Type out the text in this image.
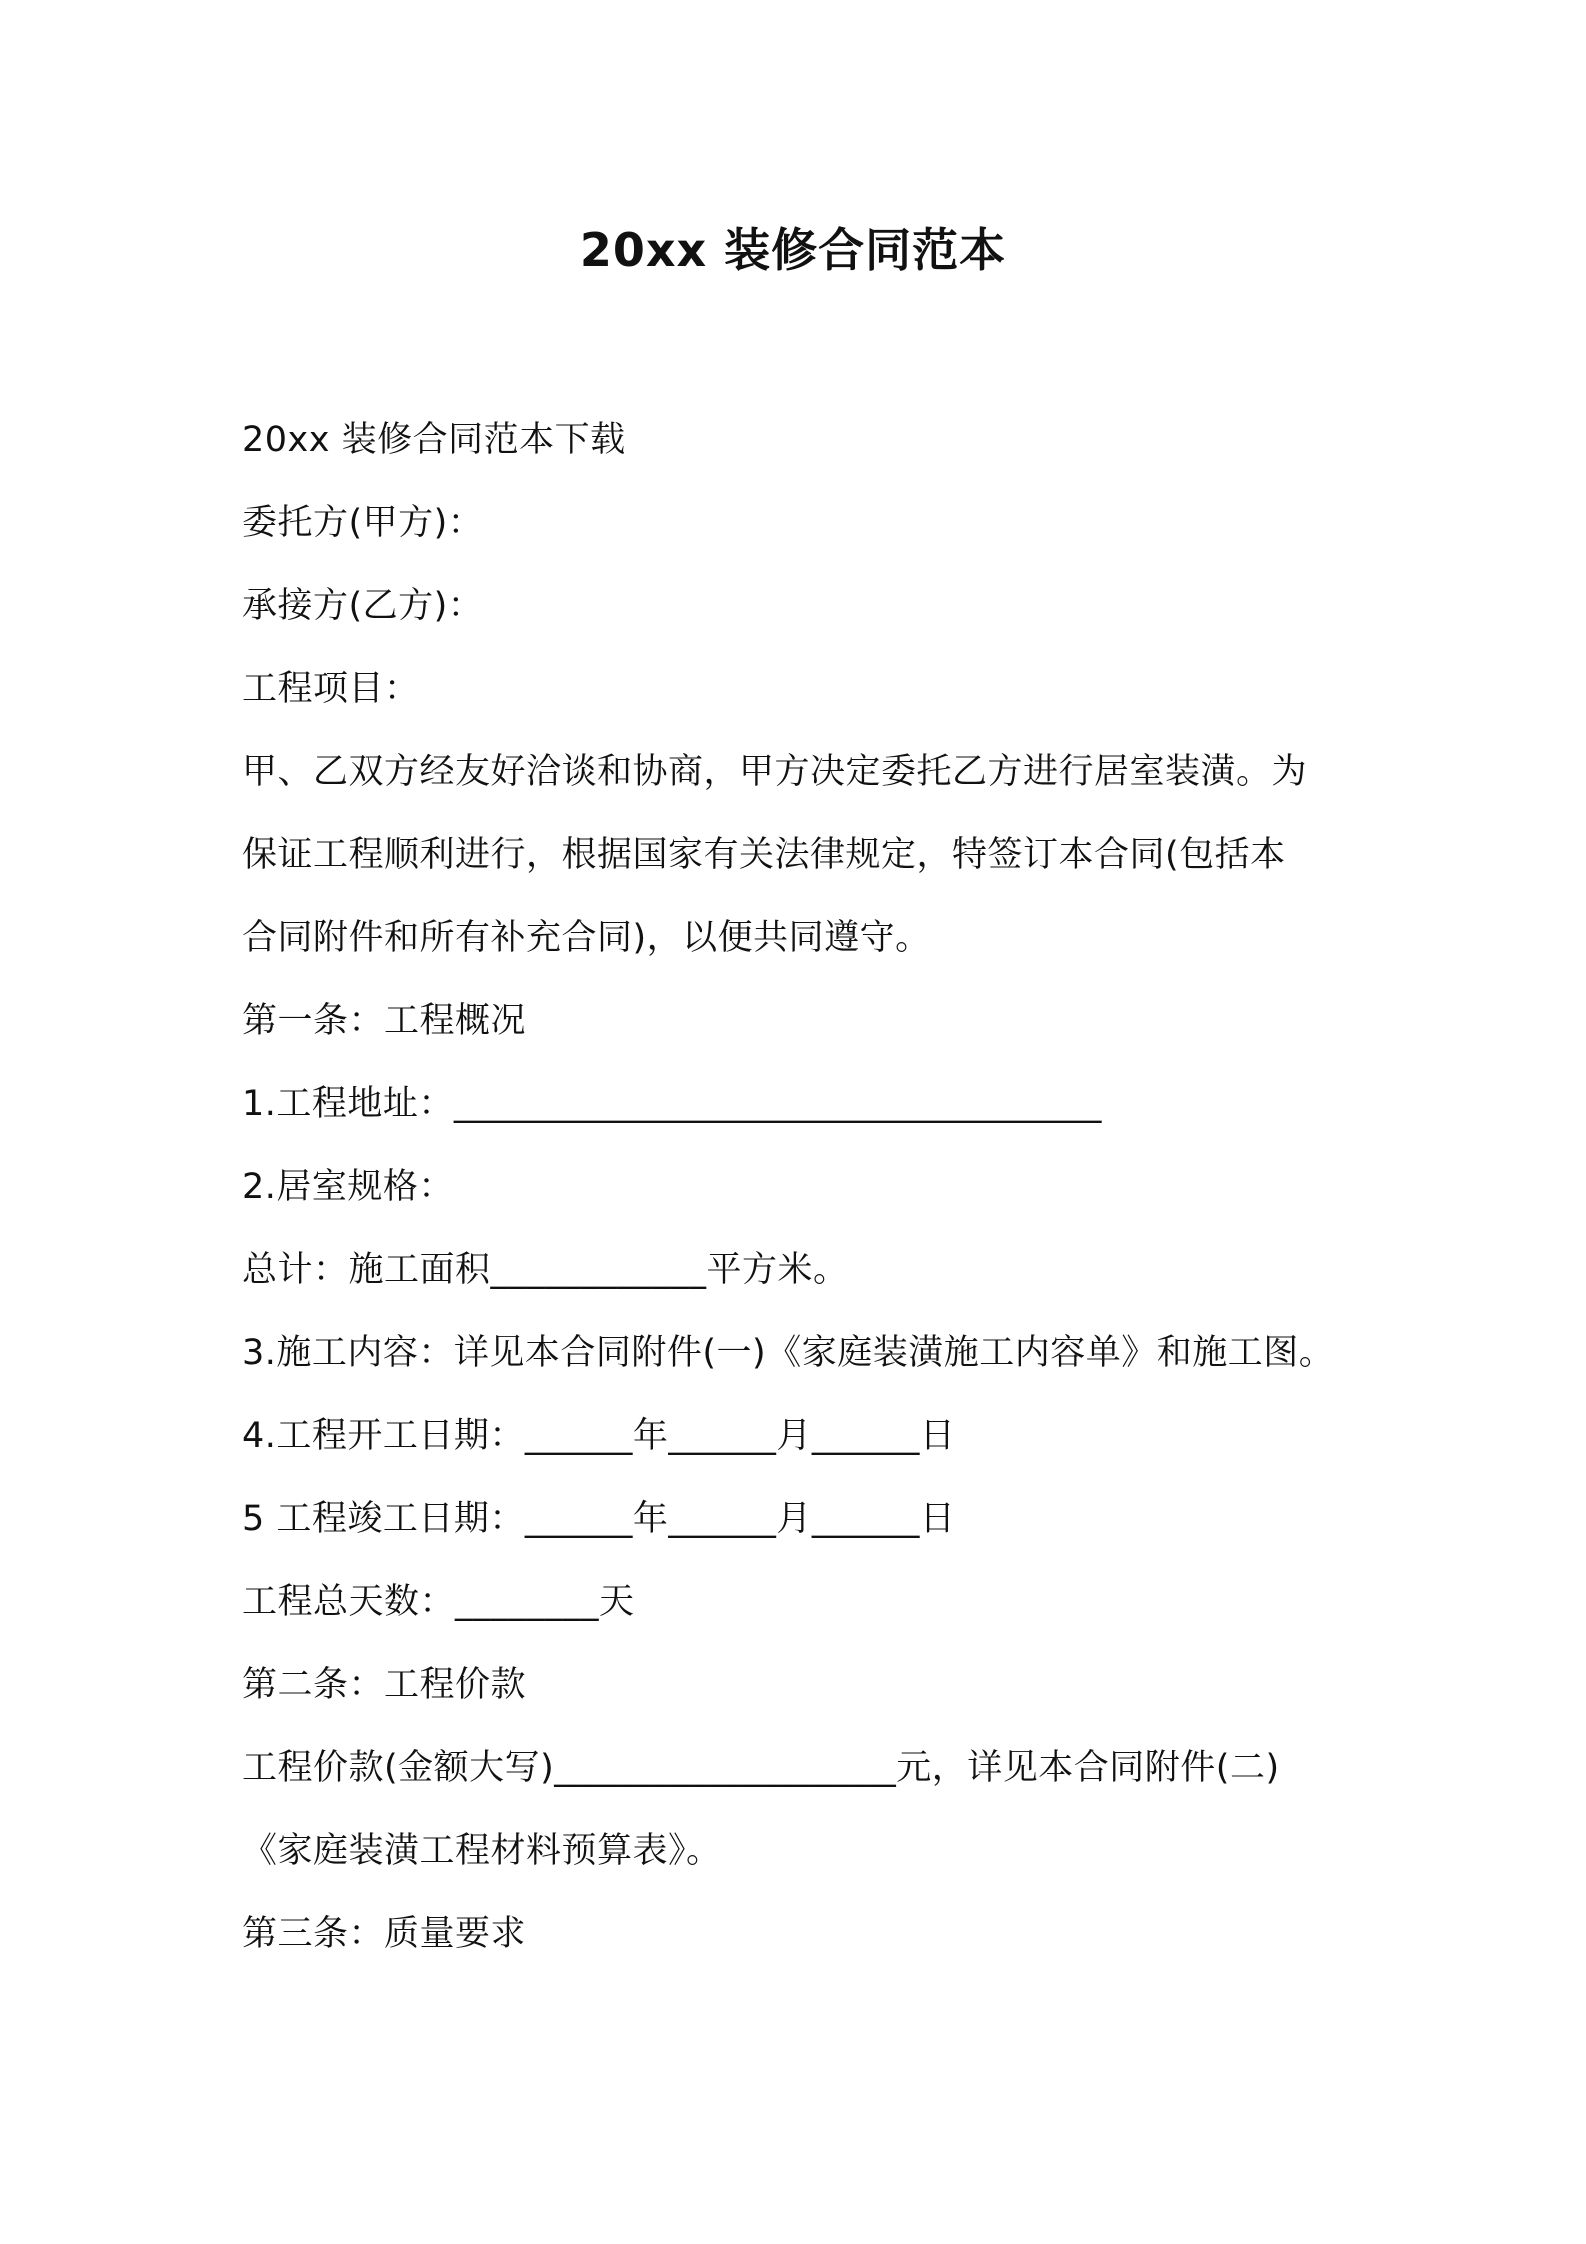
20xx 装修合同范本
20xx 装修合同范本下载
委托方(甲方)：
承接方(乙方)：
工程项目：
甲、乙双方经友好洽谈和协商，甲方决定委托乙方进行居室装潢。为
保证工程顺利进行，根据国家有关法律规定，特签订本合同(包括本
合同附件和所有补充合同)，以便共同遵守。
第一条：工程概况
1.工程地址：____________________________________
2.居室规格：
总计：施工面积____________平方米。
3.施工内容：详见本合同附件(一)《家庭装潢施工内容单》和施工图。
4.工程开工日期：______年______月______日
5 工程竣工日期：______年______月______日
工程总天数：________天
第二条：工程价款
工程价款(金额大写)___________________元，详见本合同附件(二)
《家庭装潢工程材料预算表》。
第三条：质量要求
